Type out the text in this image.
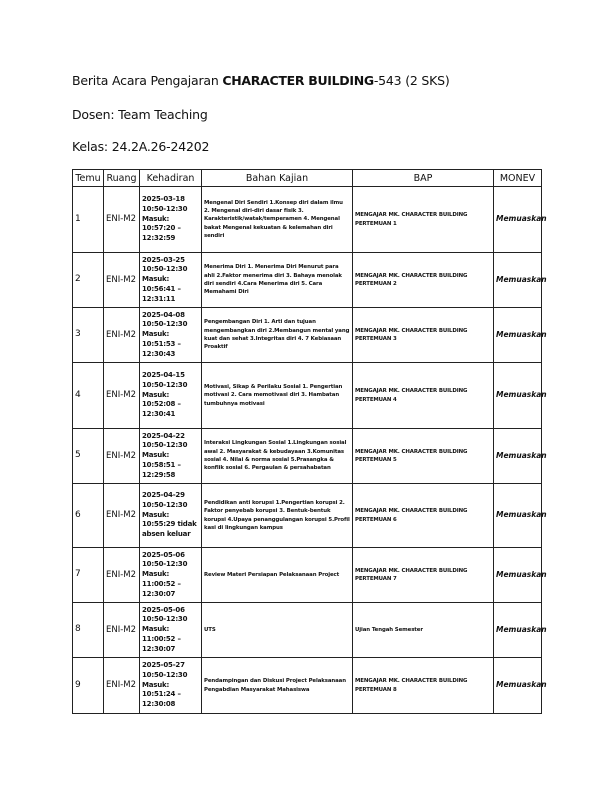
Berita Acara Pengajaran CHARACTER BUILDING-543 (2 SKS)
Dosen: Team Teaching
Kelas: 24.2A.26-24202
Temu	Ruang	Kehadiran	Bahan Kajian	BAP	MONEV
1	ENI-M2	2025-03-18 10:50-12:30 Masuk: 10:57:20 – 12:32:59	Mengenal Diri Sendiri 1.Konsep diri dalam ilmu 2. Mengenal diri-diri dasar fisik 3. Karakteristik/watak/temperamen 4. Mengenal bakat Mengenal kekuatan & kelemahan diri sendiri	MENGAJAR MK. CHARACTER BUILDING PERTEMUAN 1	Memuaskan
2	ENI-M2	2025-03-25 10:50-12:30 Masuk: 10:56:41 – 12:31:11	Menerima Diri 1. Menerima Diri Menurut para ahli 2.Faktor menerima diri 3. Bahaya menolak diri sendiri 4.Cara Menerima diri 5. Cara Memahami Diri	MENGAJAR MK. CHARACTER BUILDING PERTEMUAN 2	Memuaskan
3	ENI-M2	2025-04-08 10:50-12:30 Masuk: 10:51:53 – 12:30:43	Pengembangan Diri 1. Arti dan tujuan mengembangkan diri 2.Membangun mental yang kuat dan sehat 3.Integritas diri 4. 7 Kebiasaan Proaktif	MENGAJAR MK. CHARACTER BUILDING PERTEMUAN 3	Memuaskan
4	ENI-M2	2025-04-15 10:50-12:30 Masuk: 10:52:08 – 12:30:41	Motivasi, Sikap & Perilaku Sosial 1. Pengertian motivasi 2. Cara memotivasi diri 3. Hambatan tumbuhnya motivasi	MENGAJAR MK. CHARACTER BUILDING PERTEMUAN 4	Memuaskan
5	ENI-M2	2025-04-22 10:50-12:30 Masuk: 10:58:51 – 12:29:58	Interaksi Lingkungan Sosial 1.Lingkungan sosial awal 2. Masyarakat & kebudayaan 3.Komunitas sosial 4. Nilai & norma sosial 5.Prasangka & konflik sosial 6. Pergaulan & persahabatan	MENGAJAR MK. CHARACTER BUILDING PERTEMUAN 5	Memuaskan
6	ENI-M2	2025-04-29 10:50-12:30 Masuk: 10:55:29 tidak absen keluar	Pendidikan anti korupsi 1.Pengertian korupsi 2. Faktor penyebab korupsi 3. Bentuk-bentuk korupsi 4.Upaya penanggulangan korupsi 5.Profil kasi di lingkungan kampus	MENGAJAR MK. CHARACTER BUILDING PERTEMUAN 6	Memuaskan
7	ENI-M2	2025-05-06 10:50-12:30 Masuk: 11:00:52 – 12:30:07	Review Materi Persiapan Pelaksanaan Project	MENGAJAR MK. CHARACTER BUILDING PERTEMUAN 7	Memuaskan
8	ENI-M2	2025-05-06 10:50-12:30 Masuk: 11:00:52 – 12:30:07	UTS	Ujian Tengah Semester	Memuaskan
9	ENI-M2	2025-05-27 10:50-12:30 Masuk: 10:51:24 – 12:30:08	Pendampingan dan Diskusi Project Pelaksanaan Pengabdian Masyarakat Mahasiswa	MENGAJAR MK. CHARACTER BUILDING PERTEMUAN 8	Memuaskan
